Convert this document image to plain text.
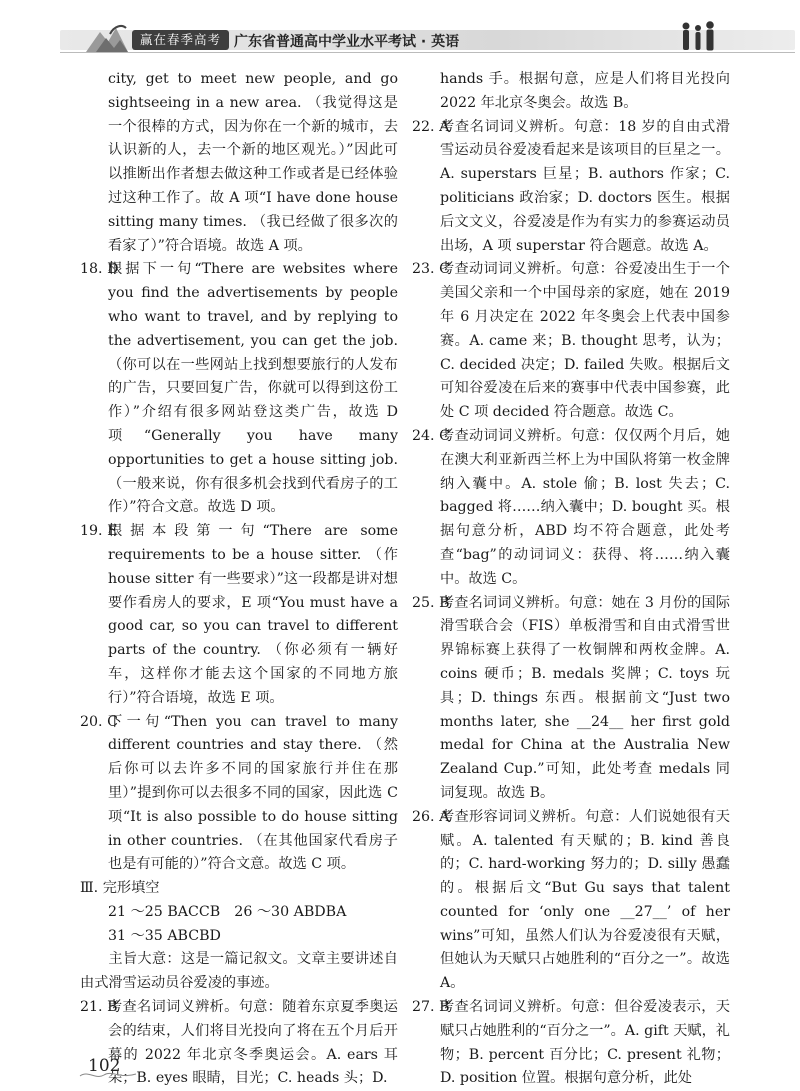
赢在春季高考 广东省普通高中学业水平考试 · 英语

city, get to meet new people, and go sightseeing in a new area. （我觉得这是一个很棒的方式，因为你在一个新的城市，去认识新的人，去一个新的地区观光。）”因此可以推断出作者想去做这种工作或者是已经体验过这种工作了。故 A 项“I have done house sitting many times. （我已经做了很多次的看家了）”符合语境。故选 A 项。

18. D
根据下一句“There are websites where you find the advertisements by people who want to travel, and by replying to the advertisement, you can get the job. （你可以在一些网站上找到想要旅行的人发布的广告，只要回复广告，你就可以得到这份工作）”介绍有很多网站登这类广告，故选 D 项“Generally you have many opportunities to get a house sitting job. （一般来说，你有很多机会找到代看房子的工作）”符合文意。故选 D 项。
19. E
根据本段第一句“There are some requirements to be a house sitter. （作 house sitter 有一些要求）”这一段都是讲对想要作看房人的要求，E 项“You must have a good car, so you can travel to different parts of the country. （你必须有一辆好车，这样你才能去这个国家的不同地方旅行）”符合语境，故选 E 项。
20. C
下一句“Then you can travel to many different countries and stay there. （然后你可以去许多不同的国家旅行并住在那里）”提到你可以去很多不同的国家，因此选 C 项“It is also possible to do house sitting in other countries. （在其他国家代看房子也是有可能的）”符合文意。故选 C 项。

Ⅲ. 完形填空

21 ～25 BACCB　26 ～30 ABDBA

31 ～35 ABCBD

主旨大意：这是一篇记叙文。文章主要讲述自由式滑雪运动员谷爱凌的事迹。

21. B
考查名词词义辨析。句意：随着东京夏季奥运会的结束，人们将目光投向了将在五个月后开幕的 2022 年北京冬季奥运会。A. ears 耳朵；B. eyes 眼睛，目光；C. heads 头；D.

hands 手。根据句意，应是人们将目光投向 2022 年北京冬奥会。故选 B。

22. A
考查名词词义辨析。句意：18 岁的自由式滑雪运动员谷爱凌看起来是该项目的巨星之一。A. superstars 巨星；B. authors 作家；C. politicians 政治家；D. doctors 医生。根据后文文义，谷爱凌是作为有实力的参赛运动员出场，A 项 superstar 符合题意。故选 A。
23. C
考查动词词义辨析。句意：谷爱凌出生于一个美国父亲和一个中国母亲的家庭，她在 2019 年 6 月决定在 2022 年冬奥会上代表中国参赛。A. came 来；B. thought 思考，认为；C. decided 决定；D. failed 失败。根据后文可知谷爱凌在后来的赛事中代表中国参赛，此处 C 项 decided 符合题意。故选 C。
24. C
考查动词词义辨析。句意：仅仅两个月后，她在澳大利亚新西兰杯上为中国队将第一枚金牌纳入囊中。A. stole 偷；B. lost 失去；C. bagged 将……纳入囊中；D. bought 买。根据句意分析，ABD 均不符合题意，此处考查“bag”的动词词义：获得、将……纳入囊中。故选 C。
25. B
考查名词词义辨析。句意：她在 3 月份的国际滑雪联合会（FIS）单板滑雪和自由式滑雪世界锦标赛上获得了一枚铜牌和两枚金牌。A. coins 硬币；B. medals 奖牌；C. toys 玩具；D. things 东西。根据前文“Just two months later, she __24__ her first gold medal for China at the Australia New Zealand Cup.”可知，此处考查 medals 同词复现。故选 B。
26. A
考查形容词词义辨析。句意：人们说她很有天赋。A. talented 有天赋的；B. kind 善良的；C. hard-working 努力的；D. silly 愚蠢的。根据后文“But Gu says that talent counted for ‘only one __27__’ of her wins”可知，虽然人们认为谷爱凌很有天赋，但她认为天赋只占她胜利的“百分之一”。故选 A。
27. B
考查名词词义辨析。句意：但谷爱凌表示，天赋只占她胜利的“百分之一”。A. gift 天赋，礼物；B. percent 百分比；C. present 礼物；D. position 位置。根据句意分析，此处
102
